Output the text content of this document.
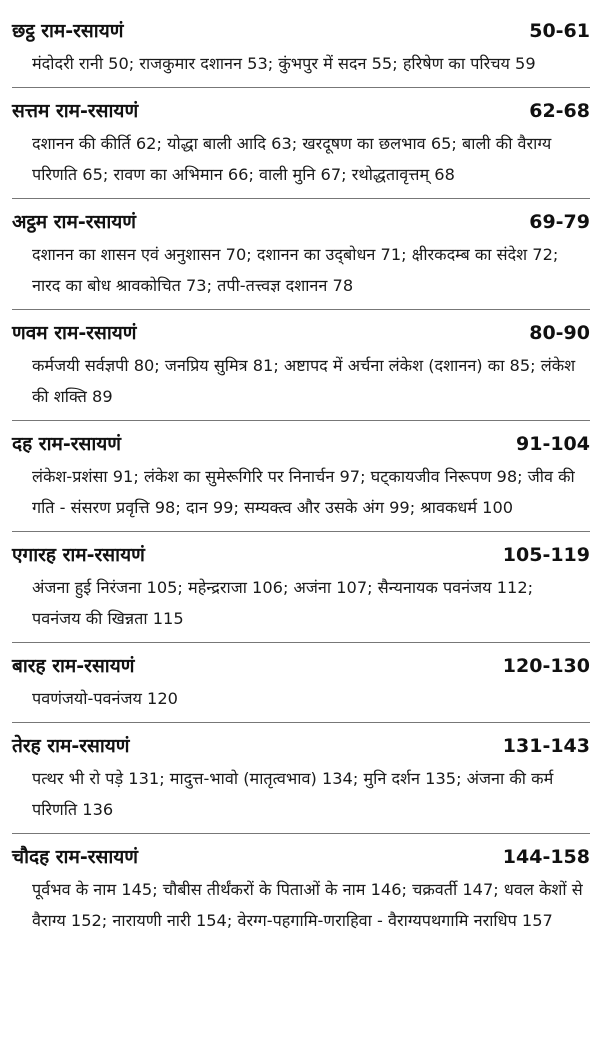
छट्ठ राम-रसायणं	50-61
मंदोदरी रानी 50; राजकुमार दशानन 53; कुंभपुर में सदन 55; हरिषेण का परिचय 59
सत्तम राम-रसायणं	62-68
दशानन की कीर्ति 62; योद्धा बाली आदि 63; खरदूषण का छलभाव 65; बाली की वैराग्य परिणति 65; रावण का अभिमान 66; वाली मुनि 67; रथोद्धतावृत्तम् 68
अट्ठम राम-रसायणं	69-79
दशानन का शासन एवं अनुशासन 70; दशानन का उद्‌बोधन 71; क्षीरकदम्ब का संदेश 72; नारद का बोध श्रावकोचित 73; तपी-तत्त्वज्ञ दशानन 78
णवम राम-रसायणं	80-90
कर्मजयी सर्वज्ञपी 80; जनप्रिय सुमित्र 81; अष्टापद में अर्चना लंकेश (दशानन) का 85; लंकेश की शक्ति 89
दह राम-रसायणं	91-104
लंकेश-प्रशंसा 91; लंकेश का सुमेरूगिरि पर निनार्चन 97; घट्कायजीव निरूपण 98; जीव की गति - संसरण प्रवृत्ति 98; दान 99; सम्यक्त्व और उसके अंग 99; श्रावकधर्म 100
एगारह राम-रसायणं	105-119
अंजना हुई निरंजना 105; महेन्द्रराजा 106; अजंना 107; सैन्यनायक पवनंजय 112; पवनंजय की खिन्नता 115
बारह राम-रसायणं	120-130
पवणंजयो-पवनंजय 120
तेरह राम-रसायणं	131-143
पत्थर भी रो पड़े 131; मादुत्त-भावो (मातृत्वभाव) 134; मुनि दर्शन 135; अंजना की कर्म परिणति 136
चौदह राम-रसायणं	144-158
पूर्वभव के नाम 145; चौबीस तीर्थंकरों के पिताओं के नाम 146; चक्रवर्ती 147; धवल केशों से वैराग्य 152; नारायणी नारी 154; वेरग्ग-पहगामि-णराहिवा - वैराग्यपथगामि नराधिप 157
